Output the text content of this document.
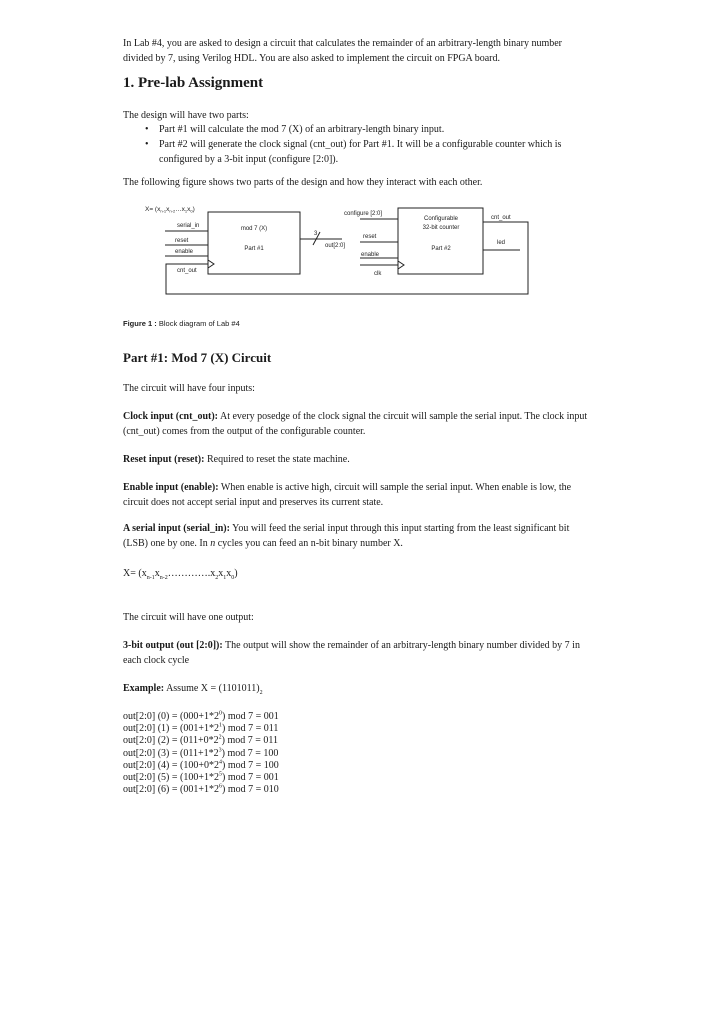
In Lab #4, you are asked to design a circuit that calculates the remainder of an arbitrary-length binary number divided by 7, using Verilog HDL. You are also asked to implement the circuit on FPGA board.
1. Pre-lab Assignment
The design will have two parts:
• Part #1 will calculate the mod 7 (X) of an arbitrary-length binary input.
• Part #2 will generate the clock signal (cnt_out) for Part #1. It will be a configurable counter which is configured by a 3-bit input (configure [2:0]).
The following figure shows two parts of the design and how they interact with each other.
$X= (x_{n-1}x_{n-2}\dots x_1x_0)$
mod 7 (X)
Part #1
serial_in
reset
enable
cnt_out
3
out[2:0]
Configurable
32-bit counter
Part #2
configure [2:0]
reset
enable
clk
cnt_out
led
Figure 1 : Block diagram of Lab #4
Part #1: Mod 7 (X) Circuit
The circuit will have four inputs:
Clock input (cnt_out): At every posedge of the clock signal the circuit will sample the serial input. The clock input (cnt_out) comes from the output of the configurable counter.
Reset input (reset): Required to reset the state machine.
Enable input (enable): When enable is active high, circuit will sample the serial input. When enable is low, the circuit does not accept serial input and preserves its current state.
A serial input (serial_in): You will feed the serial input through this input starting from the least significant bit (LSB) one by one. In n cycles you can feed an n-bit binary number X.
$X= (x_{n-1}x_{n-2}\dots\dots\dots\dots.x_2x_1x_0)$
The circuit will have one output:
3-bit output (out [2:0]): The output will show the remainder of an arbitrary-length binary number divided by 7 in each clock cycle
Example: Assume $X = (1101011)_2$
out[2:0] $(0) = (000+1*2^0)$ mod 7 = 001
out[2:0] $(1) = (001+1*2^1)$ mod 7 = 011
out[2:0] $(2) = (011+0*2^2)$ mod 7 = 011
out[2:0] $(3) = (011+1*2^3)$ mod 7 = 100
out[2:0] $(4) = (100+0*2^4)$ mod 7 = 100
out[2:0] $(5) = (100+1*2^5)$ mod 7 = 001
out[2:0] $(6) = (001+1*2^6)$ mod 7 = 010
